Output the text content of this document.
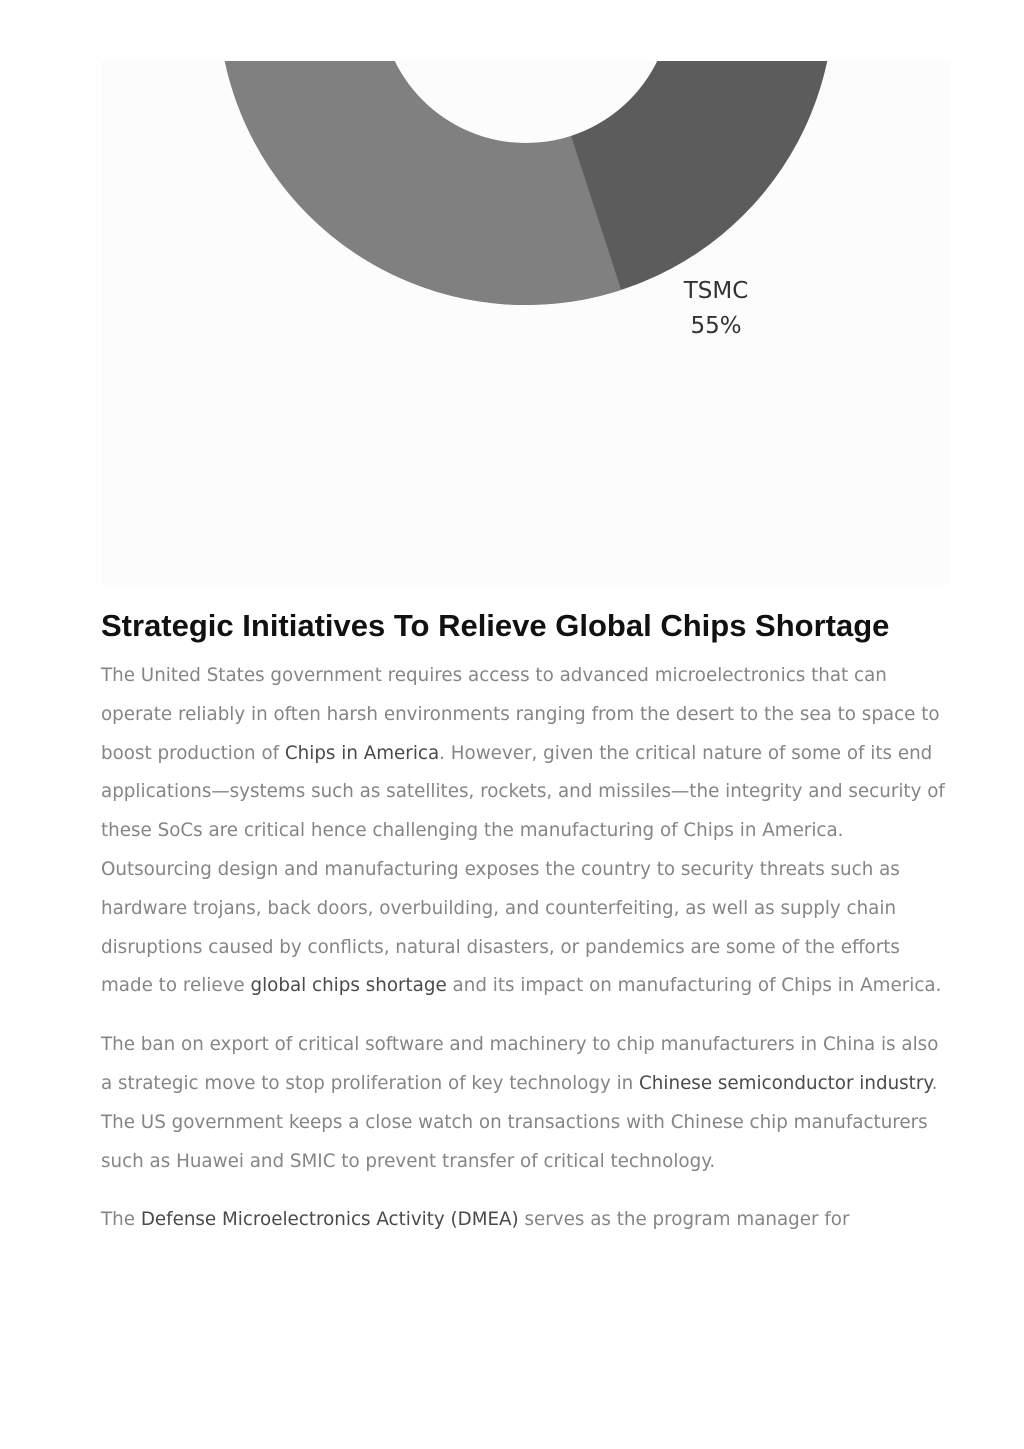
TSMC
55%
Strategic Initiatives To Relieve Global Chips Shortage

The United States government requires access to advanced microelectronics that can operate reliably in often harsh environments ranging from the desert to the sea to space to boost production of Chips in America. However, given the critical nature of some of its end applications—systems such as satellites, rockets, and missiles—the integrity and security of these SoCs are critical hence challenging the manufacturing of Chips in America. Outsourcing design and manufacturing exposes the country to security threats such as hardware trojans, back doors, overbuilding, and counterfeiting, as well as supply chain disruptions caused by conflicts, natural disasters, or pandemics are some of the efforts made to relieve global chips shortage and its impact on manufacturing of Chips in America.

The ban on export of critical software and machinery to chip manufacturers in China is also a strategic move to stop proliferation of key technology in Chinese semiconductor industry. The US government keeps a close watch on transactions with Chinese chip manufacturers such as Huawei and SMIC to prevent transfer of critical technology.

The Defense Microelectronics Activity (DMEA) serves as the program manager for
